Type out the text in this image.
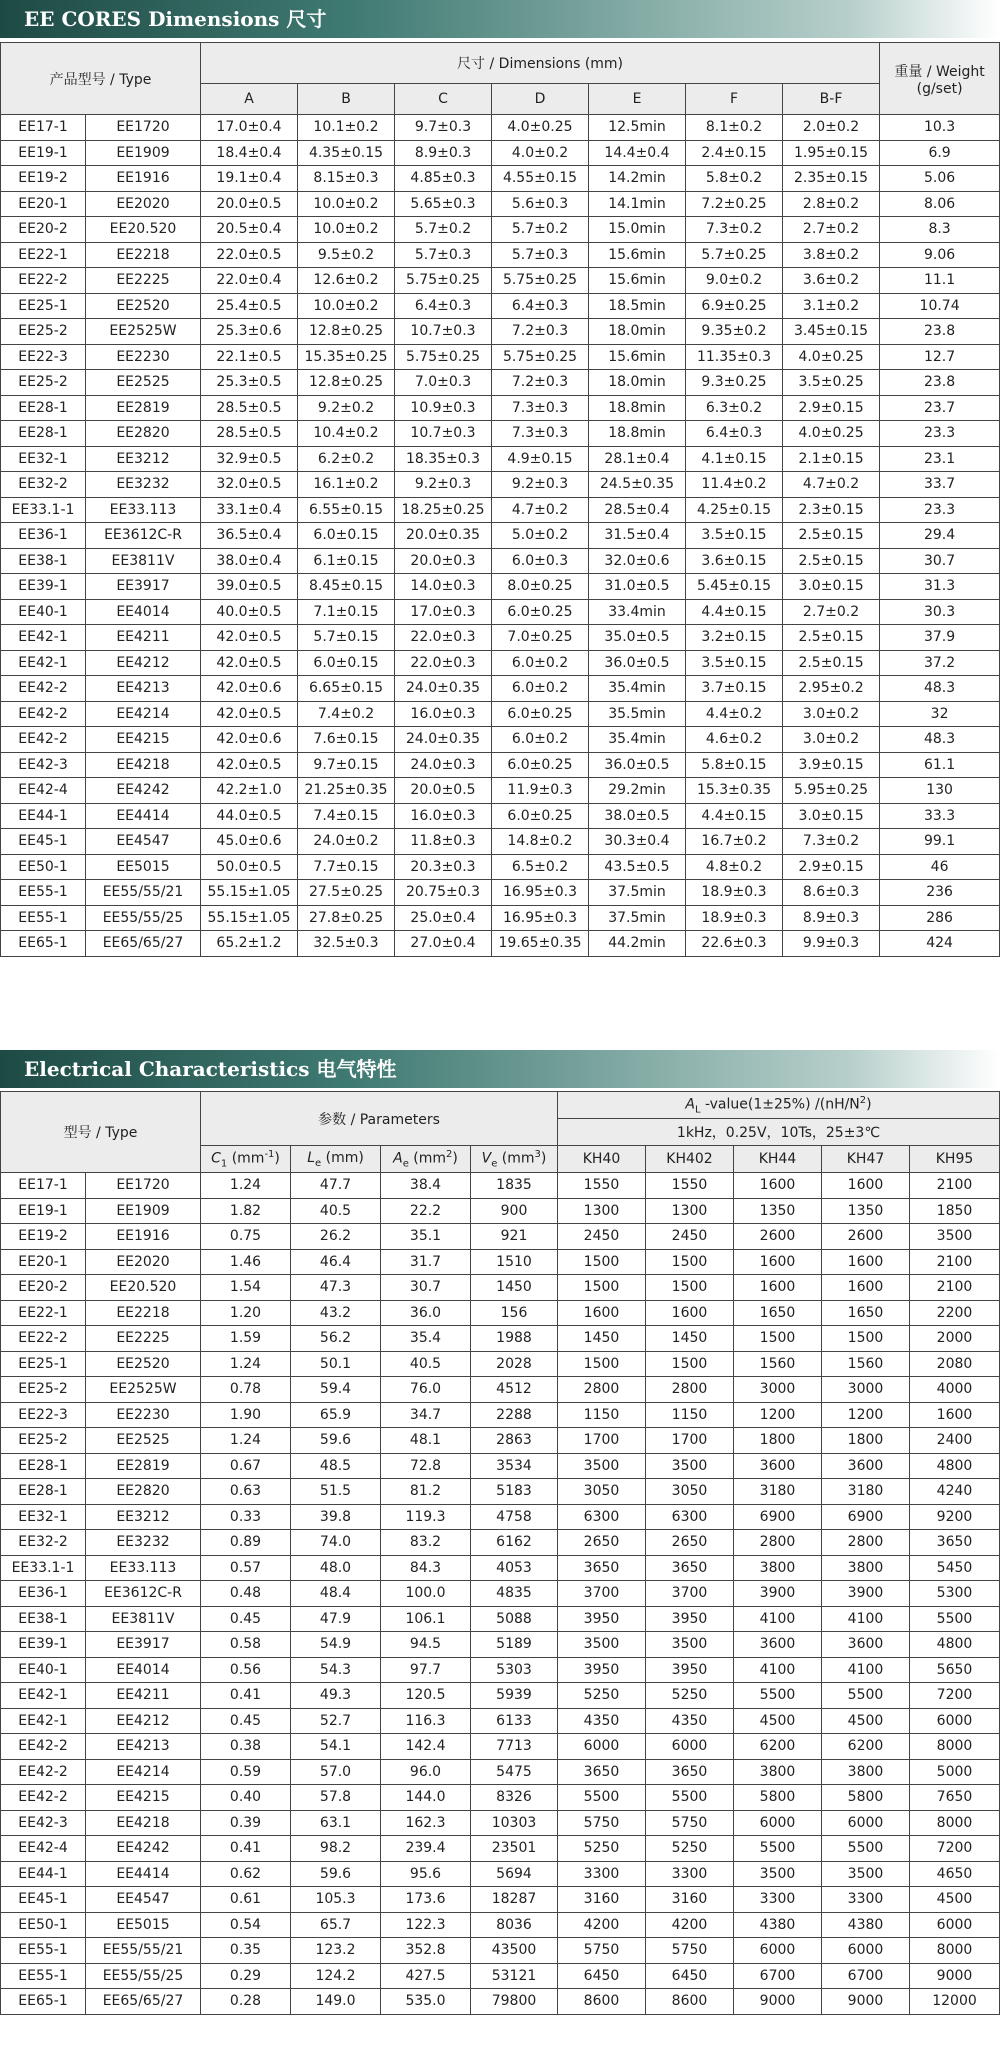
EE CORES Dimensions 尺寸
产品型号 / Type		尺寸 / Dimensions (mm)							重量 / Weight
(g/set)
		A	B	C	D	E	F	B-F	
EE17-1	EE1720	17.0±0.4	10.1±0.2	9.7±0.3	4.0±0.25	12.5min	8.1±0.2	2.0±0.2	10.3
EE19-1	EE1909	18.4±0.4	4.35±0.15	8.9±0.3	4.0±0.2	14.4±0.4	2.4±0.15	1.95±0.15	6.9
EE19-2	EE1916	19.1±0.4	8.15±0.3	4.85±0.3	4.55±0.15	14.2min	5.8±0.2	2.35±0.15	5.06
EE20-1	EE2020	20.0±0.5	10.0±0.2	5.65±0.3	5.6±0.3	14.1min	7.2±0.25	2.8±0.2	8.06
EE20-2	EE20.520	20.5±0.4	10.0±0.2	5.7±0.2	5.7±0.2	15.0min	7.3±0.2	2.7±0.2	8.3
EE22-1	EE2218	22.0±0.5	9.5±0.2	5.7±0.3	5.7±0.3	15.6min	5.7±0.25	3.8±0.2	9.06
EE22-2	EE2225	22.0±0.4	12.6±0.2	5.75±0.25	5.75±0.25	15.6min	9.0±0.2	3.6±0.2	11.1
EE25-1	EE2520	25.4±0.5	10.0±0.2	6.4±0.3	6.4±0.3	18.5min	6.9±0.25	3.1±0.2	10.74
EE25-2	EE2525W	25.3±0.6	12.8±0.25	10.7±0.3	7.2±0.3	18.0min	9.35±0.2	3.45±0.15	23.8
EE22-3	EE2230	22.1±0.5	15.35±0.25	5.75±0.25	5.75±0.25	15.6min	11.35±0.3	4.0±0.25	12.7
EE25-2	EE2525	25.3±0.5	12.8±0.25	7.0±0.3	7.2±0.3	18.0min	9.3±0.25	3.5±0.25	23.8
EE28-1	EE2819	28.5±0.5	9.2±0.2	10.9±0.3	7.3±0.3	18.8min	6.3±0.2	2.9±0.15	23.7
EE28-1	EE2820	28.5±0.5	10.4±0.2	10.7±0.3	7.3±0.3	18.8min	6.4±0.3	4.0±0.25	23.3
EE32-1	EE3212	32.9±0.5	6.2±0.2	18.35±0.3	4.9±0.15	28.1±0.4	4.1±0.15	2.1±0.15	23.1
EE32-2	EE3232	32.0±0.5	16.1±0.2	9.2±0.3	9.2±0.3	24.5±0.35	11.4±0.2	4.7±0.2	33.7
EE33.1-1	EE33.113	33.1±0.4	6.55±0.15	18.25±0.25	4.7±0.2	28.5±0.4	4.25±0.15	2.3±0.15	23.3
EE36-1	EE3612C-R	36.5±0.4	6.0±0.15	20.0±0.35	5.0±0.2	31.5±0.4	3.5±0.15	2.5±0.15	29.4
EE38-1	EE3811V	38.0±0.4	6.1±0.15	20.0±0.3	6.0±0.3	32.0±0.6	3.6±0.15	2.5±0.15	30.7
EE39-1	EE3917	39.0±0.5	8.45±0.15	14.0±0.3	8.0±0.25	31.0±0.5	5.45±0.15	3.0±0.15	31.3
EE40-1	EE4014	40.0±0.5	7.1±0.15	17.0±0.3	6.0±0.25	33.4min	4.4±0.15	2.7±0.2	30.3
EE42-1	EE4211	42.0±0.5	5.7±0.15	22.0±0.3	7.0±0.25	35.0±0.5	3.2±0.15	2.5±0.15	37.9
EE42-1	EE4212	42.0±0.5	6.0±0.15	22.0±0.3	6.0±0.2	36.0±0.5	3.5±0.15	2.5±0.15	37.2
EE42-2	EE4213	42.0±0.6	6.65±0.15	24.0±0.35	6.0±0.2	35.4min	3.7±0.15	2.95±0.2	48.3
EE42-2	EE4214	42.0±0.5	7.4±0.2	16.0±0.3	6.0±0.25	35.5min	4.4±0.2	3.0±0.2	32
EE42-2	EE4215	42.0±0.6	7.6±0.15	24.0±0.35	6.0±0.2	35.4min	4.6±0.2	3.0±0.2	48.3
EE42-3	EE4218	42.0±0.5	9.7±0.15	24.0±0.3	6.0±0.25	36.0±0.5	5.8±0.15	3.9±0.15	61.1
EE42-4	EE4242	42.2±1.0	21.25±0.35	20.0±0.5	11.9±0.3	29.2min	15.3±0.35	5.95±0.25	130
EE44-1	EE4414	44.0±0.5	7.4±0.15	16.0±0.3	6.0±0.25	38.0±0.5	4.4±0.15	3.0±0.15	33.3
EE45-1	EE4547	45.0±0.6	24.0±0.2	11.8±0.3	14.8±0.2	30.3±0.4	16.7±0.2	7.3±0.2	99.1
EE50-1	EE5015	50.0±0.5	7.7±0.15	20.3±0.3	6.5±0.2	43.5±0.5	4.8±0.2	2.9±0.15	46
EE55-1	EE55/55/21	55.15±1.05	27.5±0.25	20.75±0.3	16.95±0.3	37.5min	18.9±0.3	8.6±0.3	236
EE55-1	EE55/55/25	55.15±1.05	27.8±0.25	25.0±0.4	16.95±0.3	37.5min	18.9±0.3	8.9±0.3	286
EE65-1	EE65/65/27	65.2±1.2	32.5±0.3	27.0±0.4	19.65±0.35	44.2min	22.6±0.3	9.9±0.3	424
Electrical Characteristics 电气特性
型号 / Type		参数 / Parameters				$A_L$ -value(1±25%) $/(nH/N^2)$				
						1kHz，0.25V，10Ts，25±3℃				
		$C_1$ $(mm^{-1})$	$L_e$ (mm)	$A_e$ $(mm^2)$	$V_e$ $(mm^3)$	KH40	KH402	KH44	KH47	KH95
EE17-1	EE1720	1.24	47.7	38.4	1835	1550	1550	1600	1600	2100
EE19-1	EE1909	1.82	40.5	22.2	900	1300	1300	1350	1350	1850
EE19-2	EE1916	0.75	26.2	35.1	921	2450	2450	2600	2600	3500
EE20-1	EE2020	1.46	46.4	31.7	1510	1500	1500	1600	1600	2100
EE20-2	EE20.520	1.54	47.3	30.7	1450	1500	1500	1600	1600	2100
EE22-1	EE2218	1.20	43.2	36.0	156	1600	1600	1650	1650	2200
EE22-2	EE2225	1.59	56.2	35.4	1988	1450	1450	1500	1500	2000
EE25-1	EE2520	1.24	50.1	40.5	2028	1500	1500	1560	1560	2080
EE25-2	EE2525W	0.78	59.4	76.0	4512	2800	2800	3000	3000	4000
EE22-3	EE2230	1.90	65.9	34.7	2288	1150	1150	1200	1200	1600
EE25-2	EE2525	1.24	59.6	48.1	2863	1700	1700	1800	1800	2400
EE28-1	EE2819	0.67	48.5	72.8	3534	3500	3500	3600	3600	4800
EE28-1	EE2820	0.63	51.5	81.2	5183	3050	3050	3180	3180	4240
EE32-1	EE3212	0.33	39.8	119.3	4758	6300	6300	6900	6900	9200
EE32-2	EE3232	0.89	74.0	83.2	6162	2650	2650	2800	2800	3650
EE33.1-1	EE33.113	0.57	48.0	84.3	4053	3650	3650	3800	3800	5450
EE36-1	EE3612C-R	0.48	48.4	100.0	4835	3700	3700	3900	3900	5300
EE38-1	EE3811V	0.45	47.9	106.1	5088	3950	3950	4100	4100	5500
EE39-1	EE3917	0.58	54.9	94.5	5189	3500	3500	3600	3600	4800
EE40-1	EE4014	0.56	54.3	97.7	5303	3950	3950	4100	4100	5650
EE42-1	EE4211	0.41	49.3	120.5	5939	5250	5250	5500	5500	7200
EE42-1	EE4212	0.45	52.7	116.3	6133	4350	4350	4500	4500	6000
EE42-2	EE4213	0.38	54.1	142.4	7713	6000	6000	6200	6200	8000
EE42-2	EE4214	0.59	57.0	96.0	5475	3650	3650	3800	3800	5000
EE42-2	EE4215	0.40	57.8	144.0	8326	5500	5500	5800	5800	7650
EE42-3	EE4218	0.39	63.1	162.3	10303	5750	5750	6000	6000	8000
EE42-4	EE4242	0.41	98.2	239.4	23501	5250	5250	5500	5500	7200
EE44-1	EE4414	0.62	59.6	95.6	5694	3300	3300	3500	3500	4650
EE45-1	EE4547	0.61	105.3	173.6	18287	3160	3160	3300	3300	4500
EE50-1	EE5015	0.54	65.7	122.3	8036	4200	4200	4380	4380	6000
EE55-1	EE55/55/21	0.35	123.2	352.8	43500	5750	5750	6000	6000	8000
EE55-1	EE55/55/25	0.29	124.2	427.5	53121	6450	6450	6700	6700	9000
EE65-1	EE65/65/27	0.28	149.0	535.0	79800	8600	8600	9000	9000	12000
